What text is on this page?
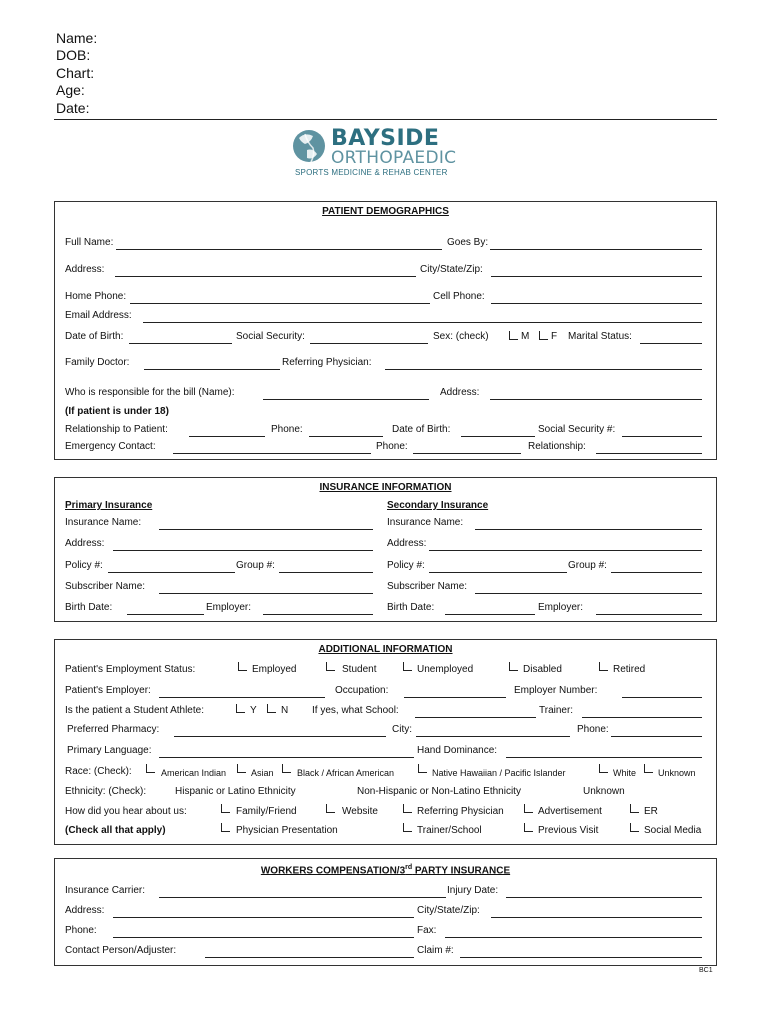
Name:
DOB:
Chart:
Age:
Date:
BAYSIDE
ORTHOPAEDIC
SPORTS MEDICINE & REHAB CENTER
PATIENT DEMOGRAPHICS
Full Name:	Goes By:
Address:	City/State/Zip:
Home Phone:	Cell Phone:
Email Address:
Date of Birth:	Social Security:	Sex: (check)	M F Marital Status:
Family Doctor:	Referring Physician:
Who is responsible for the bill (Name):	Address:
(If patient is under 18)
Relationship to Patient:	Phone:	Date of Birth:	Social Security #:
Emergency Contact:	Phone:	Relationship:
INSURANCE INFORMATION
Primary Insurance	Secondary Insurance
Insurance Name:	Insurance Name:
Address:	Address:
Policy #:	Group #:	Policy #:	Group #:
Subscriber Name:	Subscriber Name:
Birth Date:	Employer:	Birth Date:	Employer:
ADDITIONAL INFORMATION
Patient's Employment Status:	Employed	Student	Unemployed	Disabled	Retired
Patient's Employer:	Occupation:	Employer Number:
Is the patient a Student Athlete:	Y N If yes, what School:	Trainer:
Preferred Pharmacy:	City:	Phone:
Primary Language:	Hand Dominance:
Race: (Check):	American Indian	Asian	Black / African American	Native Hawaiian / Pacific Islander	White Unknown
Ethnicity: (Check):	Hispanic or Latino Ethnicity	Non-Hispanic or Non-Latino Ethnicity	Unknown
How did you hear about us:	Family/Friend	Website	Referring Physician	Advertisement	ER
(Check all that apply)	Physician Presentation	Trainer/School	Previous Visit	Social Media
WORKERS COMPENSATION/3rd PARTY INSURANCE
Insurance Carrier:	Injury Date:
Address:	City/State/Zip:
Phone:	Fax:
Contact Person/Adjuster:	Claim #:
BC1
